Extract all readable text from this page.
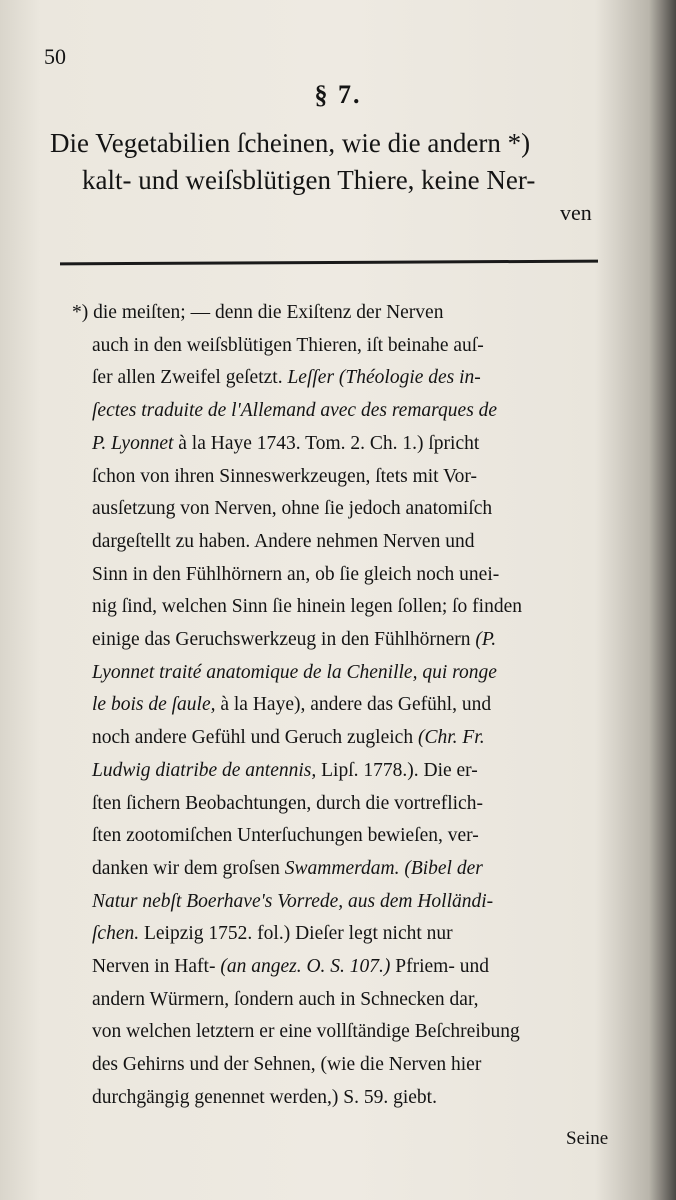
50
§ 7.
Die Vegetabilien ſcheinen, wie die andern *)
kalt- und weiſsblütigen Thiere, keine Ner-
ven
*) die meiſten; — denn die Exiſtenz der Nerven
auch in den weiſsblütigen Thieren, iſt beinahe auſ-
ſer allen Zweifel geſetzt. Leſſer (Théologie des in-
ſectes traduite de l'Allemand avec des remarques de
P. Lyonnet à la Haye 1743. Tom. 2. Ch. 1.) ſpricht
ſchon von ihren Sinneswerkzeugen, ſtets mit Vor-
ausſetzung von Nerven, ohne ſie jedoch anatomiſch
dargeſtellt zu haben. Andere nehmen Nerven und
Sinn in den Fühlhörnern an, ob ſie gleich noch unei-
nig ſind, welchen Sinn ſie hinein legen ſollen; ſo finden
einige das Geruchswerkzeug in den Fühlhörnern (P.
Lyonnet traité anatomique de la Chenille, qui ronge
le bois de ſaule, à la Haye), andere das Gefühl, und
noch andere Gefühl und Geruch zugleich (Chr. Fr.
Ludwig diatribe de antennis, Lipſ. 1778.). Die er-
ſten ſichern Beobachtungen, durch die vortreflich-
ſten zootomiſchen Unterſuchungen bewieſen, ver-
danken wir dem groſsen Swammerdam. (Bibel der
Natur nebſt Boerhave's Vorrede, aus dem Holländi-
ſchen. Leipzig 1752. fol.) Dieſer legt nicht nur
Nerven in Haft- (an angez. O. S. 107.) Pfriem- und
andern Würmern, ſondern auch in Schnecken dar,
von welchen letztern er eine vollſtändige Beſchreibung
des Gehirns und der Sehnen, (wie die Nerven hier
durchgängig genennet werden,) S. 59. giebt.
Seine
